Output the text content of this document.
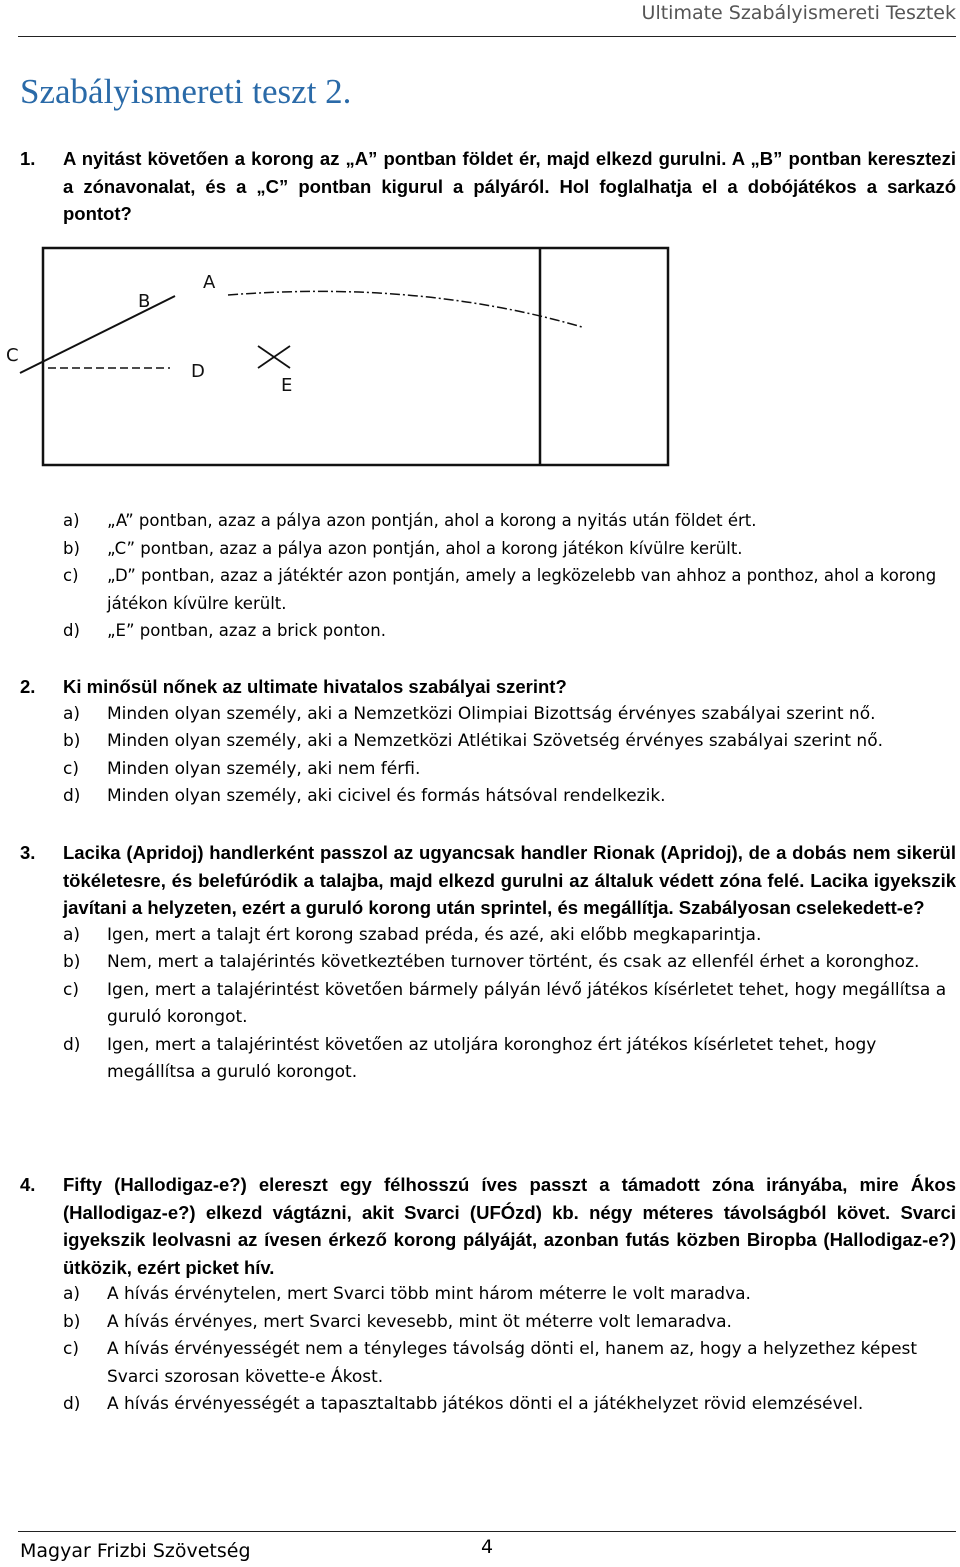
Ultimate Szabályismereti Tesztek
Szabályismereti teszt 2.
1.	A nyitást követően a korong az „A” pontban földet ér, majd elkezd gurulni. A „B” pontban keresztezi a zónavonalat, és a „C” pontban kigurul a pályáról. Hol foglalhatja el a dobójátékos a sarkazó pontot?
B
A
C
D
E
a)	„A” pontban, azaz a pálya azon pontján, ahol a korong a nyitás után földet ért.
b)	„C” pontban, azaz a pálya azon pontján, ahol a korong játékon kívülre került.
c)	„D” pontban, azaz a játéktér azon pontján, amely a legközelebb van ahhoz a ponthoz, ahol a korong játékon kívülre került.
d)	„E” pontban, azaz a brick ponton.
2.	Ki minősül nőnek az ultimate hivatalos szabályai szerint?
a)	Minden olyan személy, aki a Nemzetközi Olimpiai Bizottság érvényes szabályai szerint nő.
b)	Minden olyan személy, aki a Nemzetközi Atlétikai Szövetség érvényes szabályai szerint nő.
c)	Minden olyan személy, aki nem férfi.
d)	Minden olyan személy, aki cicivel és formás hátsóval rendelkezik.
3.	Lacika (Apridoj) handlerként passzol az ugyancsak handler Rionak (Apridoj), de a dobás nem sikerül tökéletesre, és belefúródik a talajba, majd elkezd gurulni az általuk védett zóna felé. Lacika igyekszik javítani a helyzeten, ezért a guruló korong után sprintel, és megállítja. Szabályosan cselekedett-e?
a)	Igen, mert a talajt ért korong szabad préda, és azé, aki előbb megkaparintja.
b)	Nem, mert a talajérintés következtében turnover történt, és csak az ellenfél érhet a koronghoz.
c)	Igen, mert a talajérintést követően bármely pályán lévő játékos kísérletet tehet, hogy megállítsa a guruló korongot.
d)	Igen, mert a talajérintést követően az utoljára koronghoz ért játékos kísérletet tehet, hogy megállítsa a guruló korongot.
4.	Fifty (Hallodigaz-e?) elereszt egy félhosszú íves passzt a támadott zóna irányába, mire Ákos (Hallodigaz-e?) elkezd vágtázni, akit Svarci (UFÓzd) kb. négy méteres távolságból követ. Svarci igyekszik leolvasni az ívesen érkező korong pályáját, azonban futás közben Biropba (Hallodigaz-e?) ütközik, ezért picket hív.
a)	A hívás érvénytelen, mert Svarci több mint három méterre le volt maradva.
b)	A hívás érvényes, mert Svarci kevesebb, mint öt méterre volt lemaradva.
c)	A hívás érvényességét nem a tényleges távolság dönti el, hanem az, hogy a helyzethez képest Svarci szorosan követte-e Ákost.
d)	A hívás érvényességét a tapasztaltabb játékos dönti el a játékhelyzet rövid elemzésével.
Magyar Frizbi Szövetség	4
